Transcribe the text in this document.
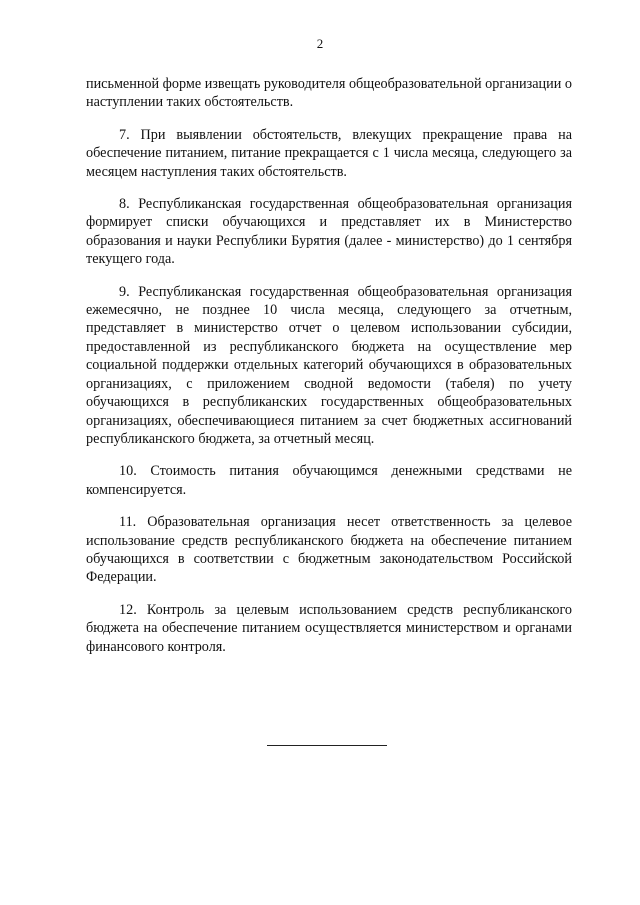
2

письменной форме извещать руководителя общеобразовательной организации о наступлении таких обстоятельств.

7. При выявлении обстоятельств, влекущих прекращение права на обеспечение питанием, питание прекращается с 1 числа месяца, следующего за месяцем наступления таких обстоятельств.

8. Республиканская государственная общеобразовательная организация формирует списки обучающихся и представляет их в Министерство образования и науки Республики Бурятия (далее - министерство) до 1 сентября текущего года.

9. Республиканская государственная общеобразовательная организация ежемесячно, не позднее 10 числа месяца, следующего за отчетным, представляет в министерство отчет о целевом использовании субсидии, предоставленной из республиканского бюджета на осуществление мер социальной поддержки отдельных категорий обучающихся в образовательных организациях, с приложением сводной ведомости (табеля) по учету обучающихся в республиканских государственных общеобразовательных организациях, обеспечивающиеся питанием за счет бюджетных ассигнований республиканского бюджета, за отчетный месяц.

10. Стоимость питания обучающимся денежными средствами не компенсируется.

11. Образовательная организация несет ответственность за целевое использование средств республиканского бюджета на обеспечение питанием обучающихся в соответствии с бюджетным законодательством Российской Федерации.

12. Контроль за целевым использованием средств республиканского бюджета на обеспечение питанием осуществляется министерством и органами финансового контроля.
